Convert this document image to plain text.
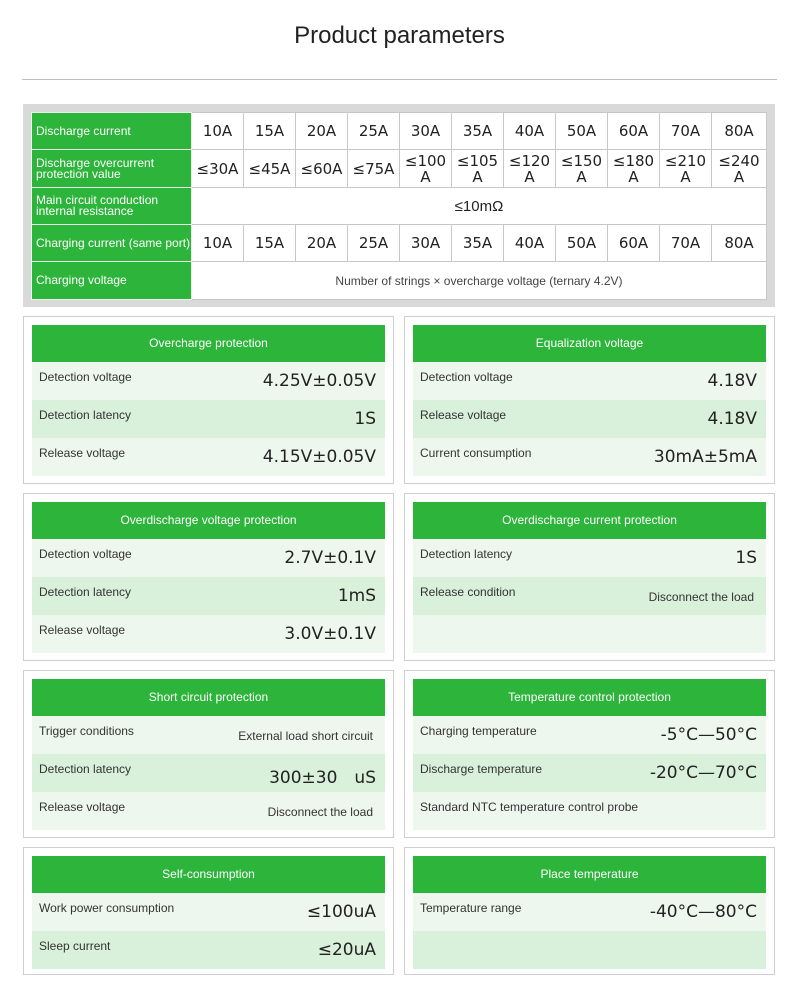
Product parameters
Discharge current	10A	15A	20A	25A	30A	35A	40A	50A	60A	70A	80A
Discharge overcurrent protection value	≤30A	≤45A	≤60A	≤75A	≤100 A	≤105 A	≤120 A	≤150 A	≤180 A	≤210 A	≤240 A
Main circuit conduction internal resistance	≤10mΩ										
Charging current (same port)	10A	15A	20A	25A	30A	35A	40A	50A	60A	70A	80A
Charging voltage	Number of strings × overcharge voltage (ternary 4.2V)										
Overcharge protection
Detection voltage	4.25V±0.05V
Detection latency	1S
Release voltage	4.15V±0.05V
Equalization voltage
Detection voltage	4.18V
Release voltage	4.18V
Current consumption	30mA±5mA
Overdischarge voltage protection
Detection voltage	2.7V±0.1V
Detection latency	1mS
Release voltage	3.0V±0.1V
Overdischarge current protection
Detection latency	1S
Release condition	Disconnect the load
Short circuit protection
Trigger conditions	External load short circuit
Detection latency	300±30　uS
Release voltage	Disconnect the load
Temperature control protection
Charging temperature	-5°C—50°C
Discharge temperature	-20°C—70°C
Standard NTC temperature control probe
Self-consumption
Work power consumption	≤100uA
Sleep current	≤20uA
Place temperature
Temperature range	-40°C—80°C
